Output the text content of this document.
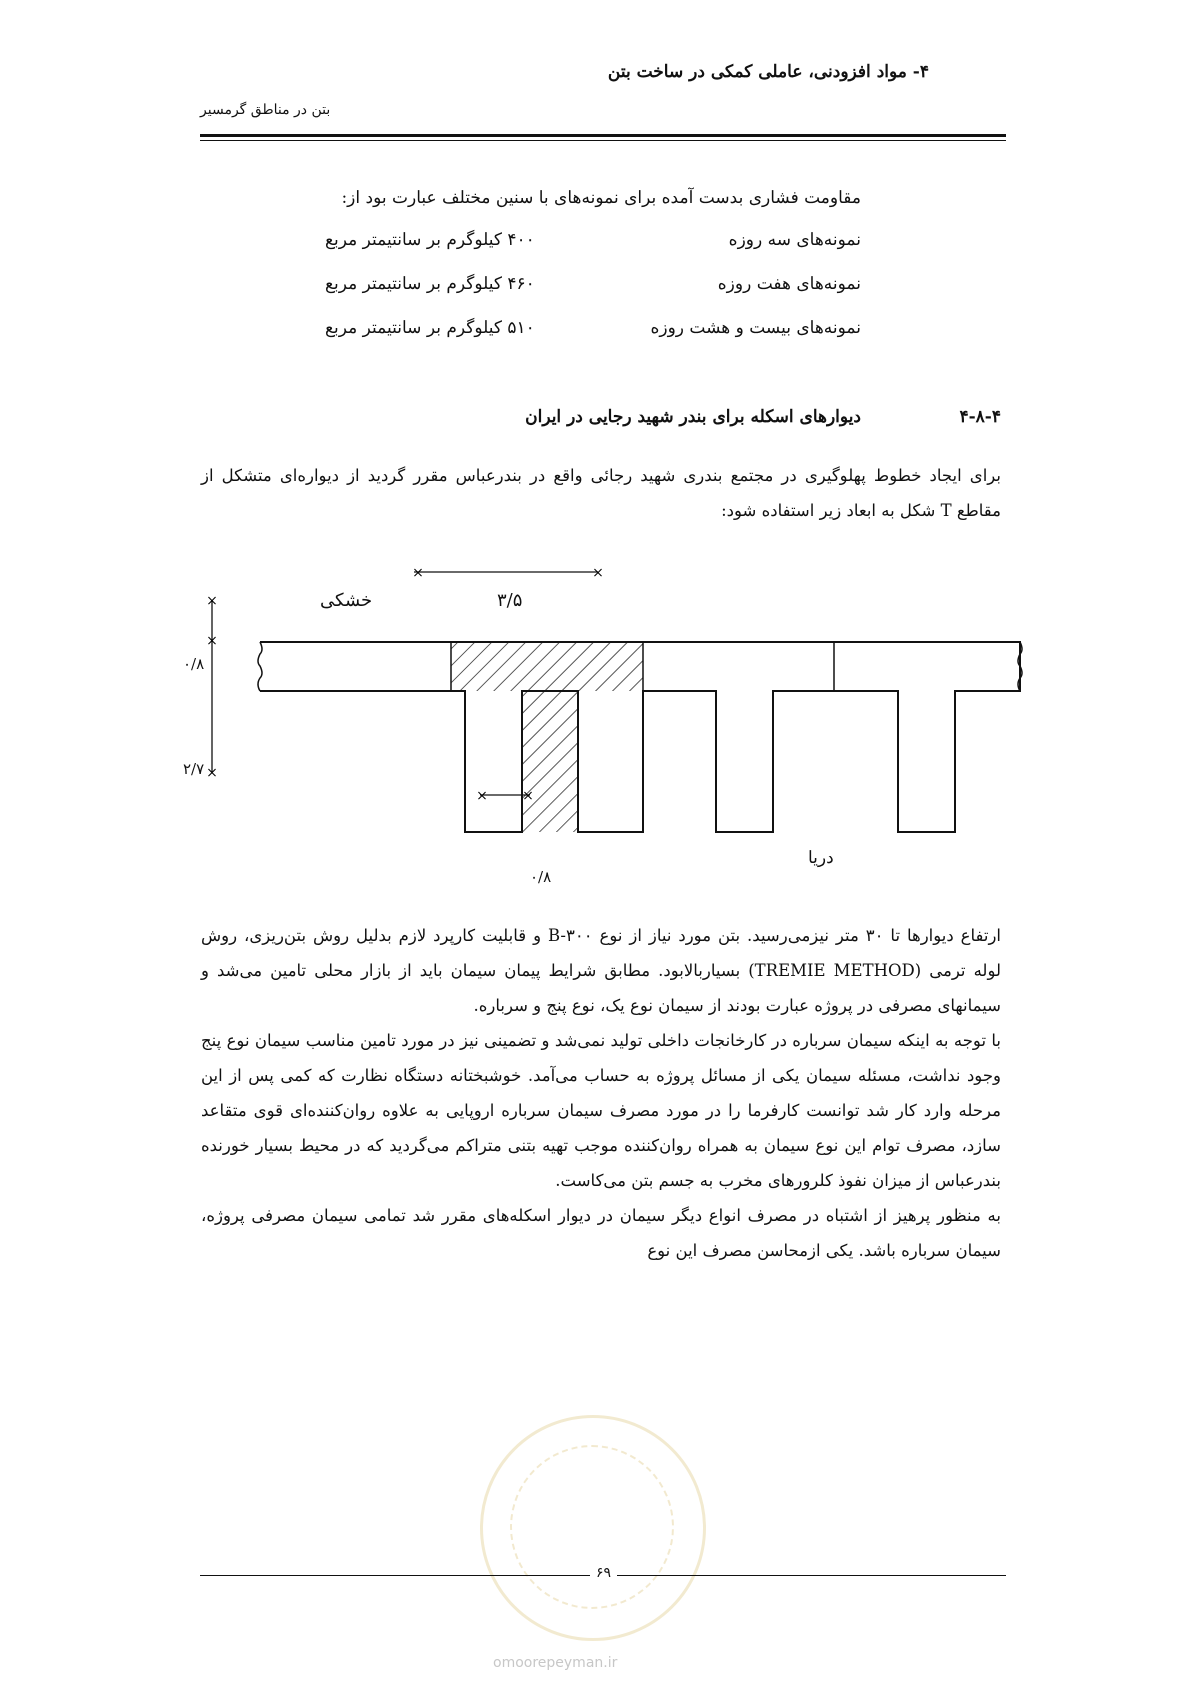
۴- مواد افزودنی، عاملی کمکی در ساخت بتن
بتن در مناطق گرمسیر
مقاومت فشاری بدست آمده برای نمونه‌های با سنین مختلف عبارت بود از:
نمونه‌های سه روزه
۴۰۰ کیلوگرم بر سانتیمتر مربع
نمونه‌های هفت روزه
۴۶۰ کیلوگرم بر سانتیمتر مربع
نمونه‌های بیست و هشت روزه
۵۱۰ کیلوگرم بر سانتیمتر مربع
۴-۸-۴
دیوارهای اسکله برای بندر شهید رجایی در ایران
برای ایجاد خطوط پهلوگیری در مجتمع بندری شهید رجائی واقع در بندرعباس مقرر گردید از دیواره‌ای متشکل از مقاطع T شکل به ابعاد زیر استفاده شود:
×	×
×
×
×
× ×
خشکی	۳/۵
۰/۸
۲/۷
۰/۸
دریا

ارتفاع دیوارها تا ۳۰ متر نیزمی‌رسید. بتن مورد نیاز از نوع B-۳۰۰ و قابلیت کارپرد لازم بدلیل روش بتن‌ریزی، روش لوله ترمی (TREMIE METHOD) بسیاربالابود. مطابق شرایط پیمان سیمان باید از بازار محلی تامین می‌شد و سیمانهای مصرفی در پروژه عبارت بودند از سیمان نوع یک، نوع پنج و سرباره.

با توجه به اینکه سیمان سرباره در کارخانجات داخلی تولید نمی‌شد و تضمینی نیز در مورد تامین مناسب سیمان نوع پنج وجود نداشت، مسئله سیمان یکی از مسائل پروژه به حساب می‌آمد. خوشبختانه دستگاه نظارت که کمی پس از این مرحله وارد کار شد توانست کارفرما را در مورد مصرف سیمان سرباره اروپایی به علاوه روان‌کننده‌ای قوی متقاعد سازد، مصرف توام این نوع سیمان به همراه روان‌کننده موجب تهیه بتنی متراکم می‌گردید که در محیط بسیار خورنده بندرعباس از میزان نفوذ کلرورهای مخرب به جسم بتن می‌کاست.

به منظور پرهیز از اشتباه در مصرف انواع دیگر سیمان در دیوار اسکله‌های مقرر شد تمامی سیمان مصرفی پروژه، سیمان سرباره باشد. یکی ازمحاسن مصرف این نوع

۶۹
omoorepeyman.ir
